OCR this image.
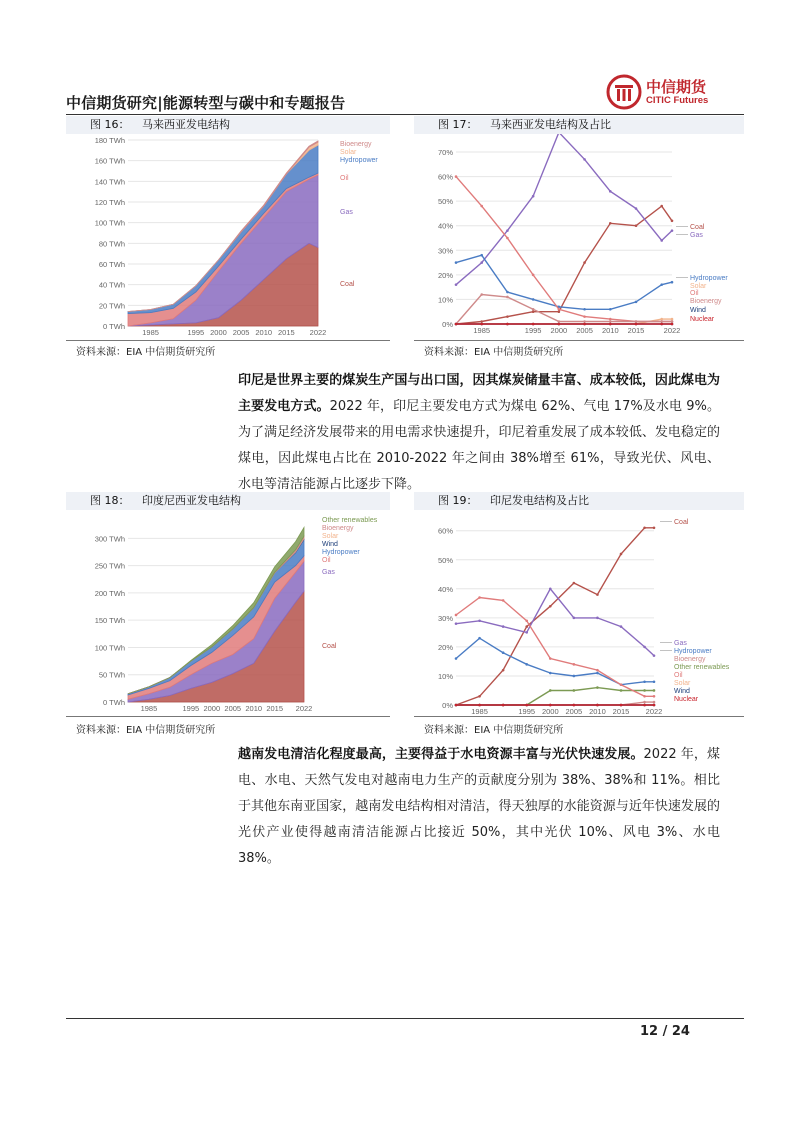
中信期货研究|能源转型与碳中和专题报告
中信期货
CITIC Futures
图 16： 马来西亚发电结构
0 TWh
20 TWh
40 TWh
60 TWh
80 TWh
100 TWh
120 TWh
140 TWh
160 TWh
180 TWh
1985	1995 2000 2005 2010 2015 2022
Bioenergy
Solar
Hydropower
Oil
Gas
Coal
资料来源：EIA 中信期货研究所
图 17： 马来西亚发电结构及占比
0%
10%
20%
30%
40%
50%
60%
70%
1985	1995 2000 2005 2010 2015	2022
Coal
Gas
Hydropower
Solar
Oil
Bioenergy
Wind
Nuclear
资料来源：EIA 中信期货研究所
印尼是世界主要的煤炭生产国与出口国，因其煤炭储量丰富、成本较低，因此煤电为主要发电方式。2022 年，印尼主要发电方式为煤电 62%、气电 17%及水电 9%。为了满足经济发展带来的用电需求快速提升，印尼着重发展了成本较低、发电稳定的煤电，因此煤电占比在 2010-2022 年之间由 38%增至 61%，导致光伏、风电、水电等清洁能源占比逐步下降。
图 18： 印度尼西亚发电结构
0 TWh
50 TWh
100 TWh
150 TWh
200 TWh
250 TWh
300 TWh
1985	1995 2000 2005 2010 2015 2022
Other renewables
Bioenergy
Solar
Wind
Hydropower
Oil
Gas
Coal
资料来源：EIA 中信期货研究所
图 19： 印尼发电结构及占比
0%
10%
20%
30%
40%
50%
60%
1985	1995 2000 2005 2010 2015 2022
Coal
Gas
Hydropower
Bioenergy
Other renewables
Oil
Solar
Wind
Nuclear
资料来源：EIA 中信期货研究所
越南发电清洁化程度最高，主要得益于水电资源丰富与光伏快速发展。2022 年，煤电、水电、天然气发电对越南电力生产的贡献度分别为 38%、38%和 11%。相比于其他东南亚国家，越南发电结构相对清洁，得天独厚的水能资源与近年快速发展的光伏产业使得越南清洁能源占比接近 50%，其中光伏 10%、风电 3%、水电 38%。
12 / 24
